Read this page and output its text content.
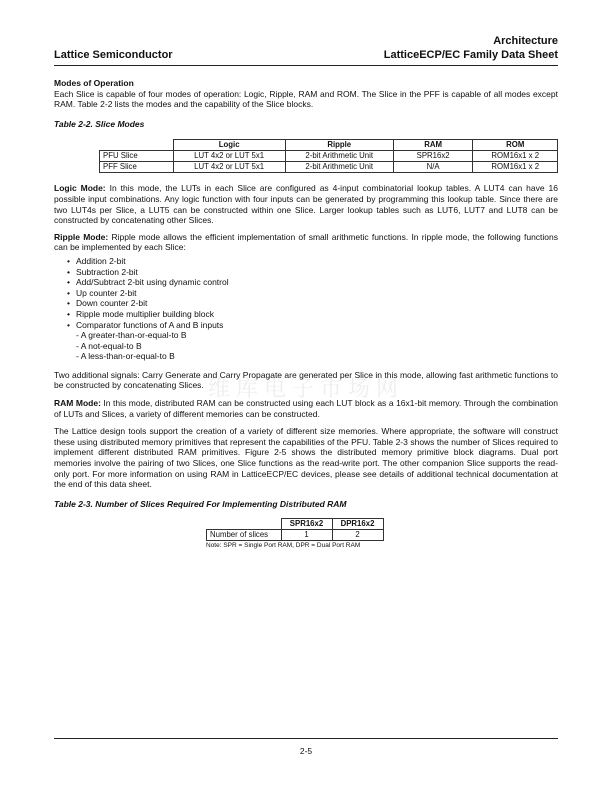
Architecture
Lattice Semiconductor	LatticeECP/EC Family Data Sheet
维库电子市场网
Modes of Operation

Each Slice is capable of four modes of operation: Logic, Ripple, RAM and ROM. The Slice in the PFF is capable of all modes except RAM. Table 2-2 lists the modes and the capability of the Slice blocks.

Table 2-2. Slice Modes
	Logic	Ripple	RAM	ROM
PFU Slice	LUT 4x2 or LUT 5x1	2-bit Arithmetic Unit	SPR16x2	ROM16x1 x 2
PFF Slice	LUT 4x2 or LUT 5x1	2-bit Arithmetic Unit	N/A	ROM16x1 x 2

Logic Mode: In this mode, the LUTs in each Slice are configured as 4-input combinatorial lookup tables. A LUT4 can have 16 possible input combinations. Any logic function with four inputs can be generated by programming this lookup table. Since there are two LUT4s per Slice, a LUT5 can be constructed within one Slice. Larger lookup tables such as LUT6, LUT7 and LUT8 can be constructed by concatenating other Slices.

Ripple Mode: Ripple mode allows the efficient implementation of small arithmetic functions. In ripple mode, the following functions can be implemented by each Slice:

• Addition 2-bit
• Subtraction 2-bit
• Add/Subtract 2-bit using dynamic control
• Up counter 2-bit
• Down counter 2-bit
• Ripple mode multiplier building block
• Comparator functions of A and B inputs
- A greater-than-or-equal-to B
- A not-equal-to B
- A less-than-or-equal-to B

Two additional signals: Carry Generate and Carry Propagate are generated per Slice in this mode, allowing fast arithmetic functions to be constructed by concatenating Slices.

RAM Mode: In this mode, distributed RAM can be constructed using each LUT block as a 16x1-bit memory. Through the combination of LUTs and Slices, a variety of different memories can be constructed.

The Lattice design tools support the creation of a variety of different size memories. Where appropriate, the software will construct these using distributed memory primitives that represent the capabilities of the PFU. Table 2-3 shows the number of Slices required to implement different distributed RAM primitives. Figure 2-5 shows the distributed memory primitive block diagrams. Dual port memories involve the pairing of two Slices, one Slice functions as the read-write port. The other companion Slice supports the read-only port. For more information on using RAM in LatticeECP/EC devices, please see details of additional technical documentation at the end of this data sheet.

Table 2-3. Number of Slices Required For Implementing Distributed RAM
	SPR16x2	DPR16x2
Number of slices	1	2
Note: SPR = Single Port RAM, DPR = Dual Port RAM
2-5
